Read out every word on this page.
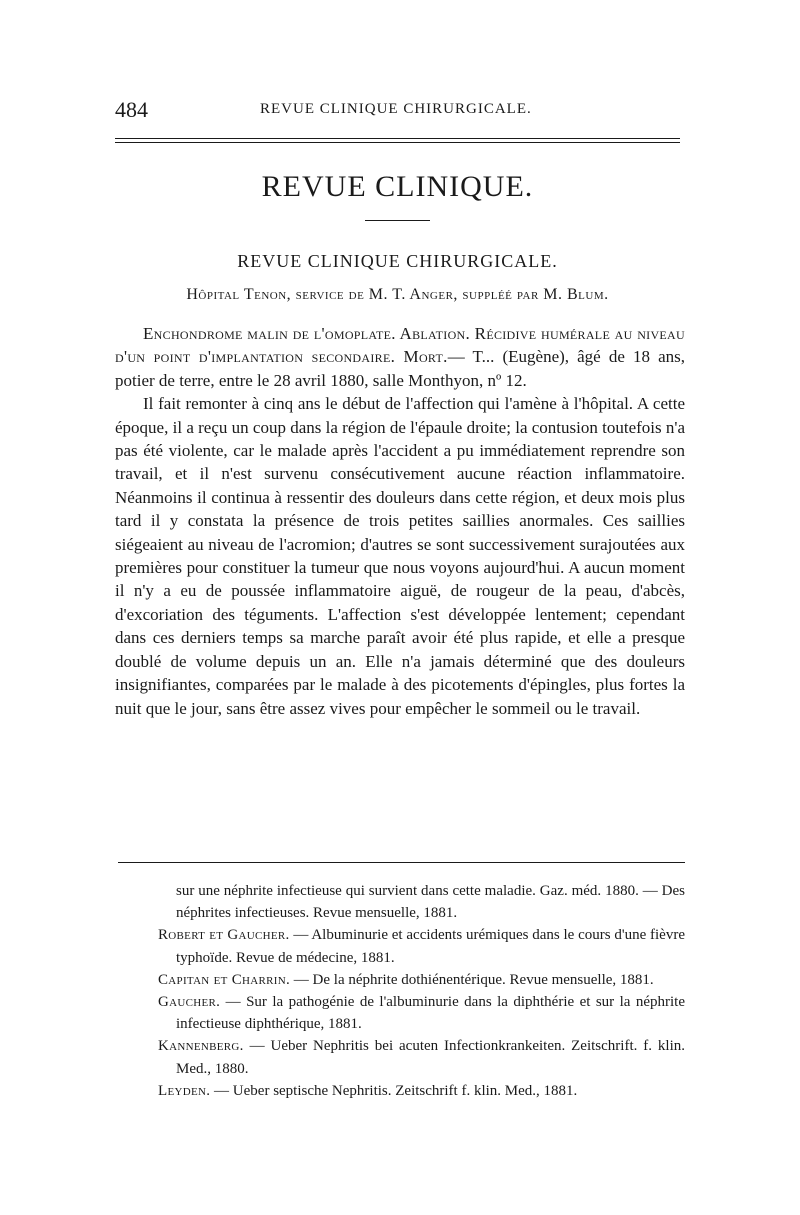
484	REVUE CLINIQUE CHIRURGICALE.
REVUE CLINIQUE.
REVUE CLINIQUE CHIRURGICALE.
Hôpital Tenon, service de M. T. Anger, suppléé par M. Blum.

Enchondrome malin de l'omoplate. Ablation. Récidive humérale au niveau d'un point d'implantation secondaire. Mort.— T... (Eugène), âgé de 18 ans, potier de terre, entre le 28 avril 1880, salle Monthyon, nº 12.

Il fait remonter à cinq ans le début de l'affection qui l'amène à l'hôpital. A cette époque, il a reçu un coup dans la région de l'épaule droite; la contusion toutefois n'a pas été violente, car le malade après l'accident a pu immédiatement reprendre son travail, et il n'est survenu consécutivement aucune réaction inflammatoire. Néanmoins il continua à ressentir des douleurs dans cette région, et deux mois plus tard il y constata la présence de trois petites saillies anormales. Ces saillies siégeaient au niveau de l'acromion; d'autres se sont successivement surajoutées aux premières pour constituer la tumeur que nous voyons aujourd'hui. A aucun moment il n'y a eu de poussée inflammatoire aiguë, de rougeur de la peau, d'abcès, d'excoriation des téguments. L'affection s'est développée lentement; cependant dans ces derniers temps sa marche paraît avoir été plus rapide, et elle a presque doublé de volume depuis un an. Elle n'a jamais déterminé que des douleurs insignifiantes, comparées par le malade à des picotements d'épingles, plus fortes la nuit que le jour, sans être assez vives pour empêcher le sommeil ou le travail.

sur une néphrite infectieuse qui survient dans cette maladie. Gaz. méd. 1880. — Des néphrites infectieuses. Revue mensuelle, 1881.

Robert et Gaucher. — Albuminurie et accidents urémiques dans le cours d'une fièvre typhoïde. Revue de médecine, 1881.

Capitan et Charrin. — De la néphrite dothiénentérique. Revue mensuelle, 1881.

Gaucher. — Sur la pathogénie de l'albuminurie dans la diphthérie et sur la néphrite infectieuse diphthérique, 1881.

Kannenberg. — Ueber Nephritis bei acuten Infectionkrankeiten. Zeitschrift. f. klin. Med., 1880.

Leyden. — Ueber septische Nephritis. Zeitschrift f. klin. Med., 1881.
